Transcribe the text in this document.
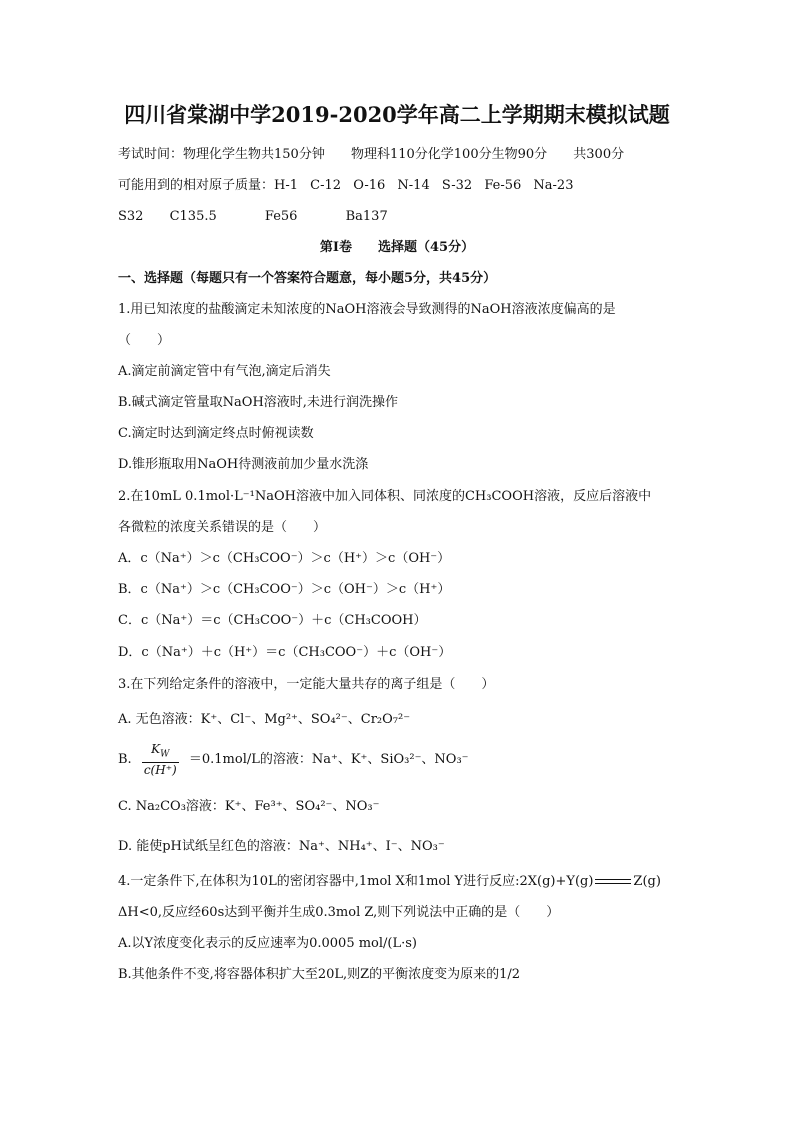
四川省棠湖中学2019-2020学年高二上学期期末模拟试题
考试时间：物理化学生物共150分钟 物理科110分化学100分生物90分 共300分
可能用到的相对原子质量：H-1 C-12 O-16 N-14 S-32 Fe-56 Na-23
S32 C135.5	Fe56	Ba137
第Ⅰ卷　　选择题（45分）
一、选择题（每题只有一个答案符合题意，每小题5分，共45分）
1.用已知浓度的盐酸滴定未知浓度的NaOH溶液会导致测得的NaOH溶液浓度偏高的是
（　　）
A.滴定前滴定管中有气泡,滴定后消失
B.碱式滴定管量取NaOH溶液时,未进行润洗操作
C.滴定时达到滴定终点时俯视读数
D.锥形瓶取用NaOH待测液前加少量水洗涤
2.在10mL 0.1mol·L⁻¹NaOH溶液中加入同体积、同浓度的CH₃COOH溶液，反应后溶液中
各微粒的浓度关系错误的是（　　）
A．c（Na⁺）＞c（CH₃COO⁻）＞c（H⁺）＞c（OH⁻）
B．c（Na⁺）＞c（CH₃COO⁻）＞c（OH⁻）＞c（H⁺）
C．c（Na⁺）＝c（CH₃COO⁻）＋c（CH₃COOH）
D．c（Na⁺）＋c（H⁺）＝c（CH₃COO⁻）＋c（OH⁻）
3.在下列给定条件的溶液中，一定能大量共存的离子组是（　　）
A. 无色溶液：K⁺、Cl⁻、Mg²⁺、SO₄²⁻、Cr₂O₇²⁻
B. $\frac{K_W}{c(H^+)} =0.1mol/L$的溶液：Na⁺、K⁺、SiO₃²⁻、NO₃⁻
C. Na₂CO₃溶液：K⁺、Fe³⁺、SO₄²⁻、NO₃⁻
D. 能使pH试纸呈红色的溶液：Na⁺、NH₄⁺、I⁻、NO₃⁻
4.一定条件下,在体积为10L的密闭容器中,1mol X和1mol Y进行反应:2X(g)+Y(g)	Z(g)
ΔH<0,反应经60s达到平衡并生成0.3mol Z,则下列说法中正确的是（　　）
A.以Y浓度变化表示的反应速率为0.0005 mol/(L·s)
B.其他条件不变,将容器体积扩大至20L,则Z的平衡浓度变为原来的1/2
